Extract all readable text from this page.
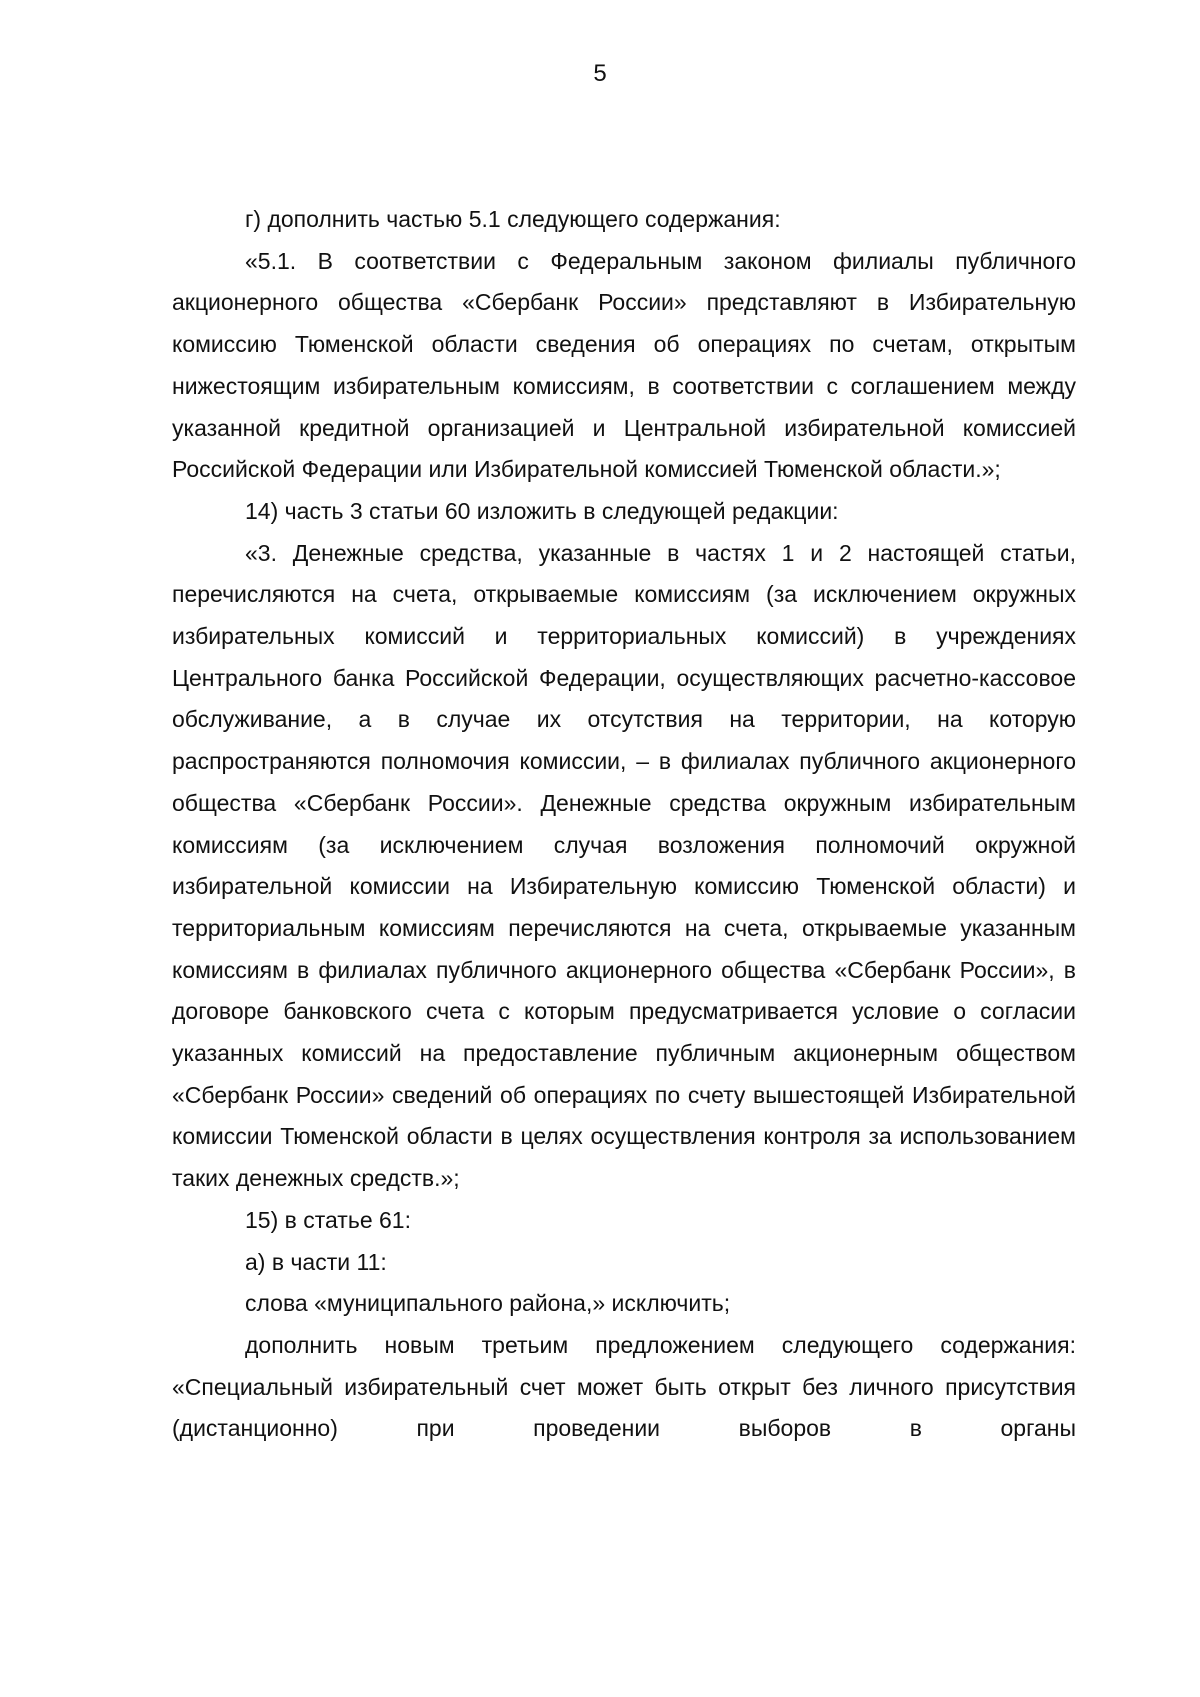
5

г) дополнить частью 5.1 следующего содержания:

«5.1. В соответствии с Федеральным законом филиалы публичного акционерного общества «Сбербанк России» представляют в Избирательную комиссию Тюменской области сведения об операциях по счетам, открытым нижестоящим избирательным комиссиям, в соответствии с соглашением между указанной кредитной организацией и Центральной избирательной комиссией Российской Федерации или Избирательной комиссией Тюменской области.»;

14) часть 3 статьи 60 изложить в следующей редакции:

«3. Денежные средства, указанные в частях 1 и 2 настоящей статьи, перечисляются на счета, открываемые комиссиям (за исключением окружных избирательных комиссий и территориальных комиссий) в учреждениях Центрального банка Российской Федерации, осуществляющих расчетно-кассовое обслуживание, а в случае их отсутствия на территории, на которую распространяются полномочия комиссии, – в филиалах публичного акционерного общества «Сбербанк России». Денежные средства окружным избирательным комиссиям (за исключением случая возложения полномочий окружной избирательной комиссии на Избирательную комиссию Тюменской области) и территориальным комиссиям перечисляются на счета, открываемые указанным комиссиям в филиалах публичного акционерного общества «Сбербанк России», в договоре банковского счета с которым предусматривается условие о согласии указанных комиссий на предоставление публичным акционерным обществом «Сбербанк России» сведений об операциях по счету вышестоящей Избирательной комиссии Тюменской области в целях осуществления контроля за использованием таких денежных средств.»;

15) в статье 61:

а) в части 11:

слова «муниципального района,» исключить;

дополнить новым третьим предложением следующего содержания: «Специальный избирательный счет может быть открыт без личного присутствия (дистанционно) при проведении выборов в органы
